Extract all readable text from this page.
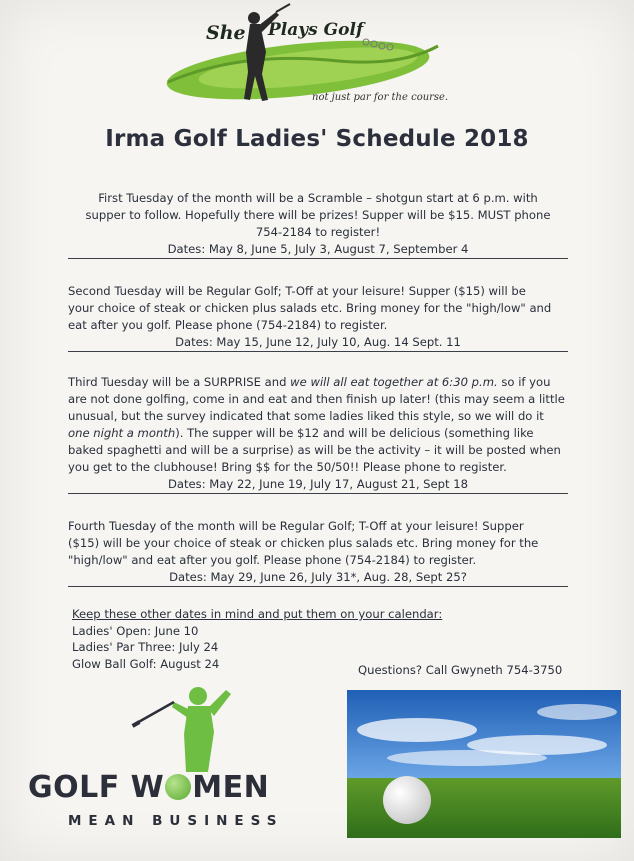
She Plays Golf
not just par for the course.
Irma Golf Ladies' Schedule 2018

First Tuesday of the month will be a Scramble – shotgun start at 6 p.m. with

supper to follow. Hopefully there will be prizes! Supper will be $15. MUST phone

754-2184 to register!

Dates: May 8, June 5, July 3, August 7, September 4

Second Tuesday will be Regular Golf; T-Off at your leisure! Supper ($15) will be

your choice of steak or chicken plus salads etc. Bring money for the "high/low" and

eat after you golf. Please phone (754-2184) to register.

Dates: May 15, June 12, July 10, Aug. 14 Sept. 11

Third Tuesday will be a SURPRISE and we will all eat together at 6:30 p.m. so if you are not done golfing, come in and eat and then finish up later! (this may seem a little unusual, but the survey indicated that some ladies liked this style, so we will do it one night a month). The supper will be $12 and will be delicious (something like baked spaghetti and will be a surprise) as will be the activity – it will be posted when you get to the clubhouse! Bring $$ for the 50/50!! Please phone to register.

Dates: May 22, June 19, July 17, August 21, Sept 18

Fourth Tuesday of the month will be Regular Golf; T-Off at your leisure! Supper

($15) will be your choice of steak or chicken plus salads etc. Bring money for the

"high/low" and eat after you golf. Please phone (754-2184) to register.

Dates: May 29, June 26, July 31*, Aug. 28, Sept 25?

Keep these other dates in mind and put them on your calendar:
Ladies' Open: June 10
Ladies' Par Three: July 24
Glow Ball Golf: August 24	Questions? Call Gwyneth 754-3750
GOLF W MEN
MEAN BUSINESS
